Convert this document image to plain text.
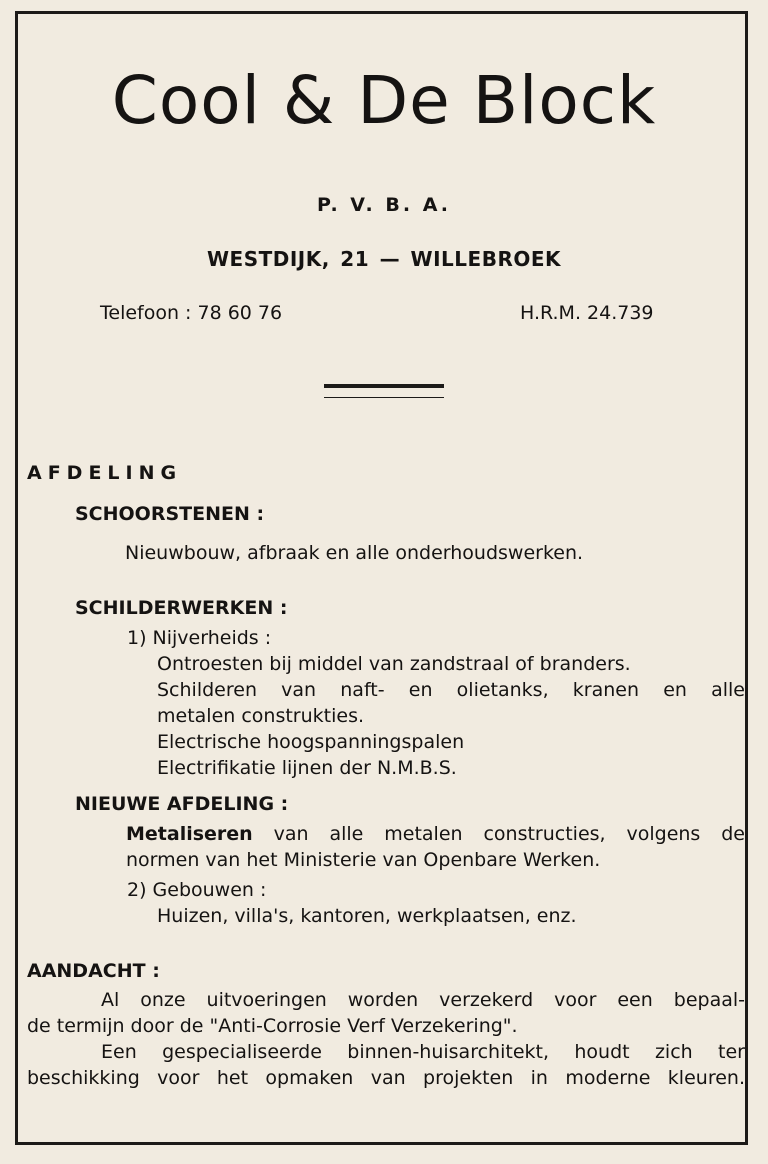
Cool & De Block
P. V. B. A.
WESTDIJK, 21 — WILLEBROEK
Telefoon : 78 60 76	H.R.M. 24.739
AFDELING
SCHOORSTENEN :
Nieuwbouw, afbraak en alle onderhoudswerken.
SCHILDERWERKEN :
1) Nijverheids :
Ontroesten bij middel van zandstraal of branders.
Schilderen van naft- en olietanks, kranen en alle
metalen construkties.
Electrische hoogspanningspalen
Electrifikatie lijnen der N.M.B.S.
NIEUWE AFDELING :
Metaliseren van alle metalen constructies, volgens de
normen van het Ministerie van Openbare Werken.
2) Gebouwen :
Huizen, villa's, kantoren, werkplaatsen, enz.
AANDACHT :
Al onze uitvoeringen worden verzekerd voor een bepaal-
de termijn door de "Anti-Corrosie Verf Verzekering".
Een gespecialiseerde binnen-huisarchitekt, houdt zich ter
beschikking voor het opmaken van projekten in moderne kleuren.
